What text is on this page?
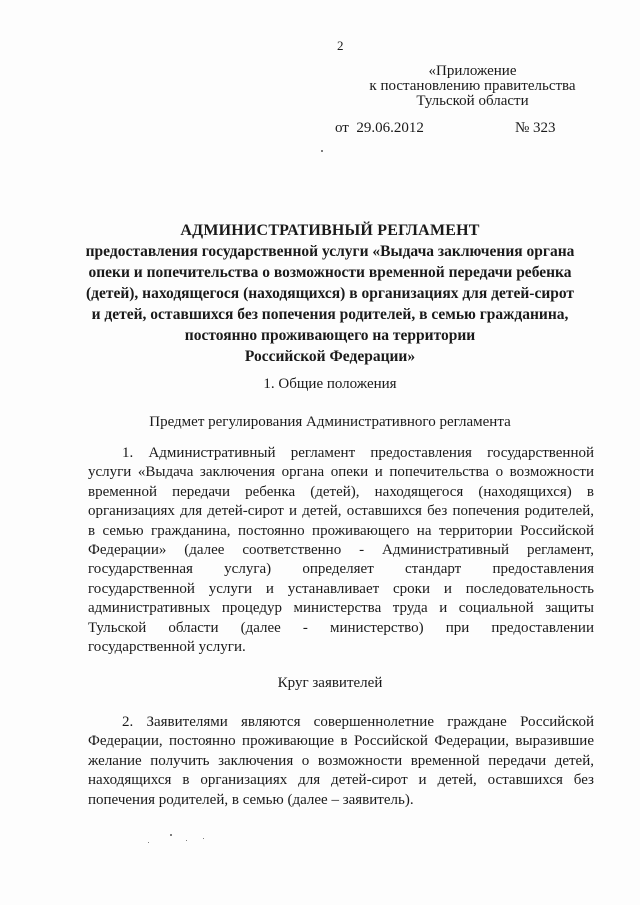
2
«Приложение
к постановлению правительства
Тульской области
от  29.06.2012	№ 323
АДМИНИСТРАТИВНЫЙ РЕГЛАМЕНТ
предоставления государственной услуги «Выдача заключения органа
опеки и попечительства о возможности временной передачи ребенка
(детей), находящегося (находящихся) в организациях для детей-сирот
и детей, оставшихся без попечения родителей, в семью гражданина,
постоянно проживающего на территории
Российской Федерации»
1. Общие положения
Предмет регулирования Административного регламента
1. Административный регламент предоставления государственной
услуги «Выдача заключения органа опеки и попечительства о возможности
временной передачи ребенка (детей), находящегося (находящихся) в
организациях для детей-сирот и детей, оставшихся без попечения родителей,
в семью гражданина, постоянно проживающего на территории Российской
Федерации» (далее соответственно - Административный регламент,
государственная услуга) определяет стандарт предоставления
государственной услуги и устанавливает сроки и последовательность
административных процедур министерства труда и социальной защиты
Тульской области (далее - министерство) при предоставлении
государственной услуги.
Круг заявителей
2. Заявителями являются совершеннолетние граждане Российской
Федерации, постоянно проживающие в Российской Федерации, выразившие
желание получить заключения о возможности временной передачи детей,
находящихся в организациях для детей-сирот и детей, оставшихся без
попечения родителей, в семью (далее – заявитель).
